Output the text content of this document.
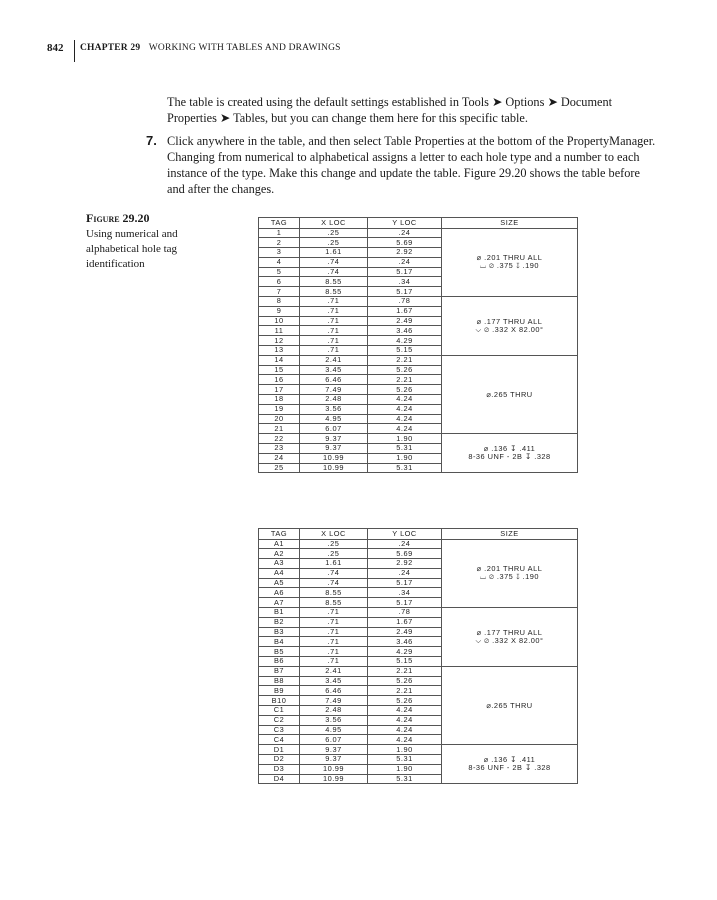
842 CHAPTER 29 WORKING WITH TABLES AND DRAWINGS

The table is created using the default settings established in Tools ➤ Options ➤ Document Properties ➤ Tables, but you can change them here for this specific table.

7. Click anywhere in the table, and then select Table Properties at the bottom of the PropertyManager. Changing from numerical to alphabetical assigns a letter to each hole type and a number to each instance of the type. Make this change and update the table. Figure 29.20 shows the table before and after the changes.
Figure 29.20
Using numerical and alphabetical hole tag identification
TAG	X LOC	Y LOC	SIZE
1	.25	.24	⌀ .201 THRU ALL
⌴ ⌀ .375 ↧ .190

2	.25	5.69	
3	1.61	2.92	
4	.74	.24	
5	.74	5.17	
6	8.55	.34	
7	8.55	5.17	
8	.71	.78	⌀ .177 THRU ALL
⌵ ⌀ .332 X 82.00°

9	.71	1.67	
10	.71	2.49	
11	.71	3.46	
12	.71	4.29	
13	.71	5.15	
14	2.41	2.21	⌀.265 THRU

15	3.45	5.26	
16	6.46	2.21	
17	7.49	5.26	
18	2.48	4.24	
19	3.56	4.24	
20	4.95	4.24	
21	6.07	4.24	
22	9.37	1.90	⌀ .136 ↧ .411
8-36 UNF - 2B ↧ .328

23	9.37	5.31	
24	10.99	1.90	
25	10.99	5.31	
TAG	X LOC	Y LOC	SIZE
A1	.25	.24	⌀ .201 THRU ALL
⌴ ⌀ .375 ↧ .190

A2	.25	5.69	
A3	1.61	2.92	
A4	.74	.24	
A5	.74	5.17	
A6	8.55	.34	
A7	8.55	5.17	
B1	.71	.78	⌀ .177 THRU ALL
⌵ ⌀ .332 X 82.00°

B2	.71	1.67	
B3	.71	2.49	
B4	.71	3.46	
B5	.71	4.29	
B6	.71	5.15	
B7	2.41	2.21	⌀.265 THRU

B8	3.45	5.26	
B9	6.46	2.21	
B10	7.49	5.26	
C1	2.48	4.24	
C2	3.56	4.24	
C3	4.95	4.24	
C4	6.07	4.24	
D1	9.37	1.90	⌀ .136 ↧ .411
8-36 UNF - 2B ↧ .328

D2	9.37	5.31	
D3	10.99	1.90	
D4	10.99	5.31	
